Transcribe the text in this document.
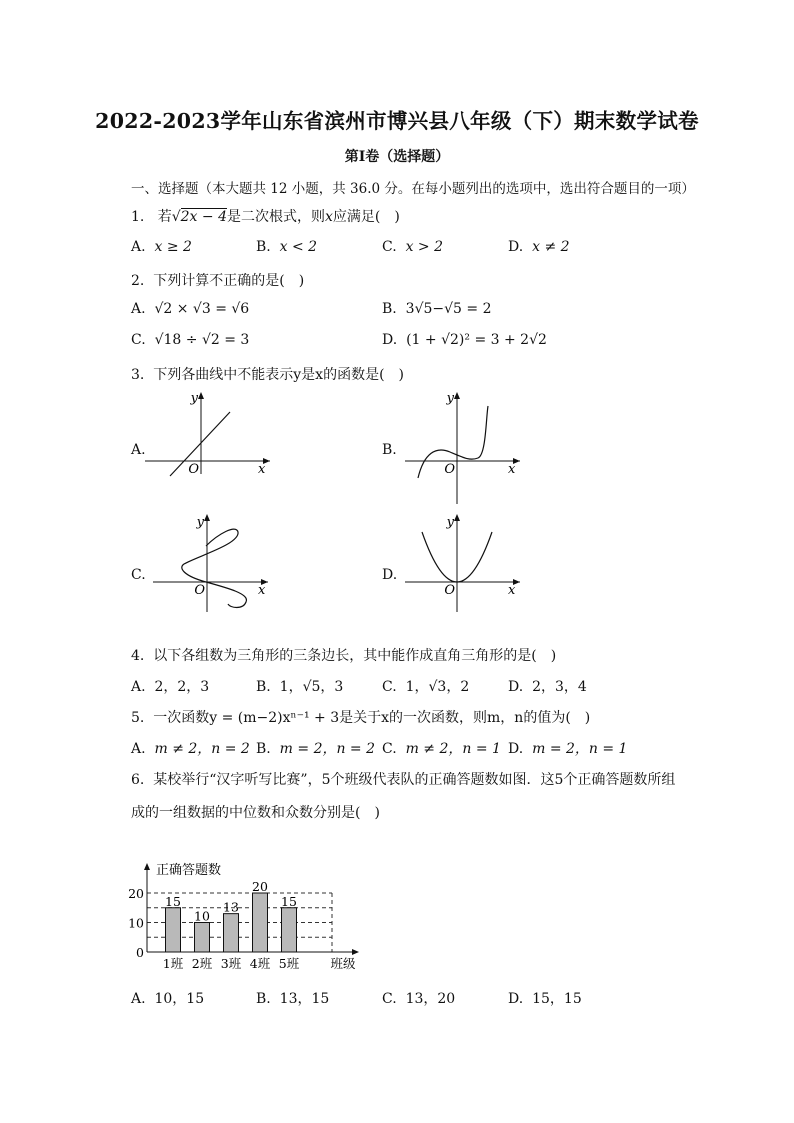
2022-2023学年山东省滨州市博兴县八年级（下）期末数学试卷
第Ⅰ卷（选择题）
一、选择题（本大题共 12 小题，共 36.0 分。在每小题列出的选项中，选出符合题目的一项）
1. 若√2x − 4是二次根式，则x应满足(　)
A. x ≥ 2	B. x < 2	C. x > 2	D. x ≠ 2
2. 下列计算不正确的是(　)
A. √2 × √3 = √6	B. 3√5−√5 = 2
C. √18 ÷ √2 = 3	D. (1 + √2)² = 3 + 2√2
3. 下列各曲线中不能表示y是x的函数是(　)
A.
y
x
O
B.
y
x
O
C.
y
x
O
D.
y
x
O
4. 以下各组数为三角形的三条边长，其中能作成直角三角形的是(　)
A. 2，2，3	B. 1，√5，3	C. 1，√3，2	D. 2，3，4
5. 一次函数y = (m−2)xⁿ⁻¹ + 3是关于x的一次函数，则m，n的值为(　)
A. m ≠ 2，n = 2 B. m = 2，n = 2 C. m ≠ 2，n = 1 D. m = 2，n = 1
6. 某校举行“汉字听写比赛”，5个班级代表队的正确答题数如图．这5个正确答题数所组
成的一组数据的中位数和众数分别是(　)
正确答题数
0
10
20
15
1班
10
2班
13
3班
20
4班
15
5班	班级
A. 10，15	B. 13，15	C. 13，20	D. 15，15
